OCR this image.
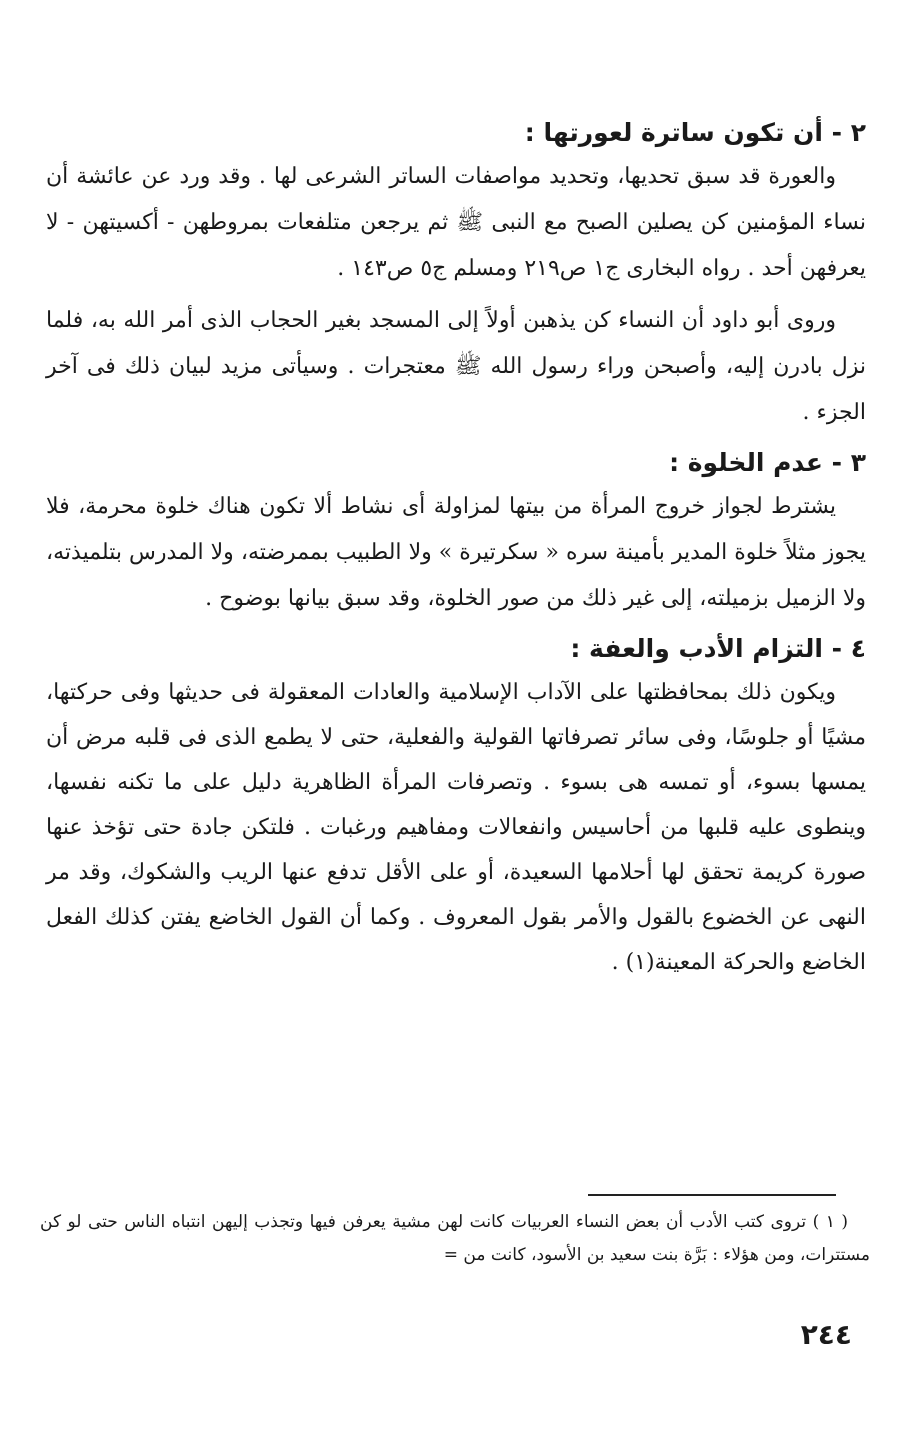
٢ - أن تكون ساترة لعورتها :

والعورة قد سبق تحديها، وتحديد مواصفات الساتر الشرعى لها . وقد ورد عن عائشة أن نساء المؤمنين كن يصلين الصبح مع النبى ﷺ ثم يرجعن متلفعات بمروطهن - أكسيتهن - لا يعرفهن أحد . رواه البخارى ج١ ص٢١٩ ومسلم ج٥ ص١٤٣ .

وروى أبو داود أن النساء كن يذهبن أولاً إلى المسجد بغير الحجاب الذى أمر الله به، فلما نزل بادرن إليه، وأصبحن وراء رسول الله ﷺ معتجرات . وسيأتى مزيد لبيان ذلك فى آخر الجزء .

٣ - عدم الخلوة :

يشترط لجواز خروج المرأة من بيتها لمزاولة أى نشاط ألا تكون هناك خلوة محرمة، فلا يجوز مثلاً خلوة المدير بأمينة سره « سكرتيرة » ولا الطبيب بممرضته، ولا المدرس بتلميذته، ولا الزميل بزميلته، إلى غير ذلك من صور الخلوة، وقد سبق بيانها بوضوح .

٤ - التزام الأدب والعفة :

ويكون ذلك بمحافظتها على الآداب الإسلامية والعادات المعقولة فى حديثها وفى حركتها، مشيًا أو جلوسًا، وفى سائر تصرفاتها القولية والفعلية، حتى لا يطمع الذى فى قلبه مرض أن يمسها بسوء، أو تمسه هى بسوء . وتصرفات المرأة الظاهرية دليل على ما تكنه نفسها، وينطوى عليه قلبها من أحاسيس وانفعالات ومفاهيم ورغبات . فلتكن جادة حتى تؤخذ عنها صورة كريمة تحقق لها أحلامها السعيدة، أو على الأقل تدفع عنها الريب والشكوك، وقد مر النهى عن الخضوع بالقول والأمر بقول المعروف . وكما أن القول الخاضع يفتن كذلك الفعل الخاضع والحركة المعينة(١) .

( ١ ) تروى كتب الأدب أن بعض النساء العربيات كانت لهن مشية يعرفن فيها وتجذب إليهن انتباه الناس حتى لو كن مستترات، ومن هؤلاء : بَرَّة بنت سعيد بن الأسود، كانت من =

٢٤٤
